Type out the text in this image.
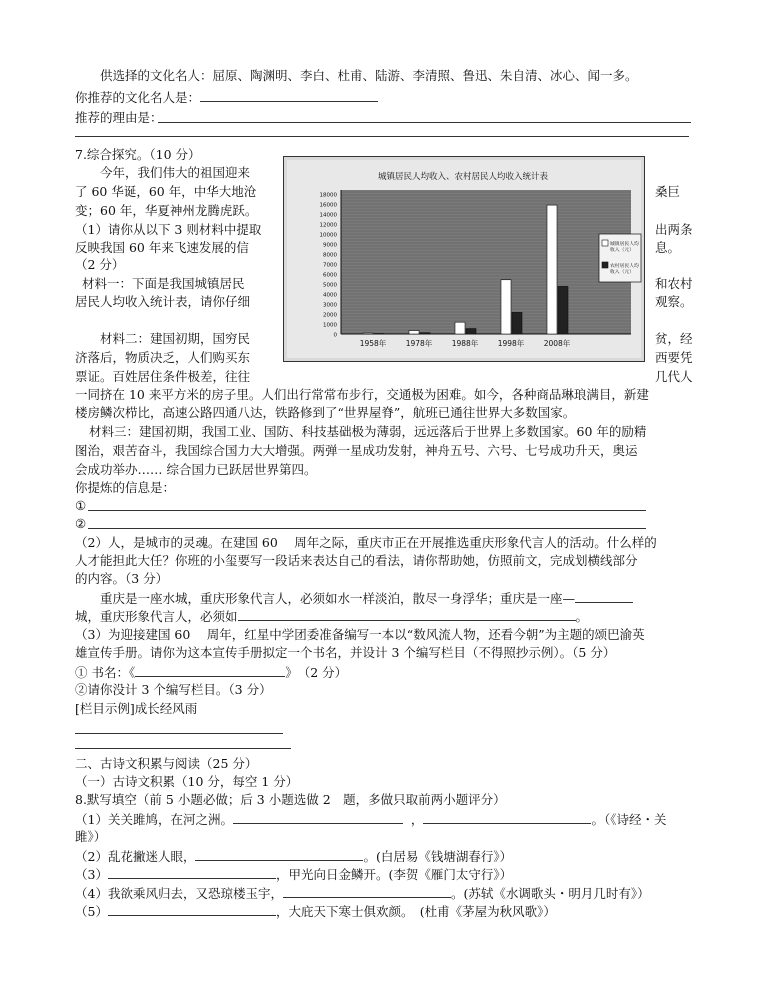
供选择的文化名人：屈原、陶渊明、李白、杜甫、陆游、李清照、鲁迅、朱自清、冰心、闻一多。
你推荐的文化名人是：
推荐的理由是：
7.综合探究。（10 分）
今年，我们伟大的祖国迎来
了 60 华诞，60 年，中华大地沧	桑巨
变；60 年，华夏神州龙腾虎跃。
（1）请你从以下 3 则材料中提取	出两条
反映我国 60 年来飞速发展的信	息。
（2 分）
材料一：下面是我国城镇居民	和农村
居民人均收入统计表，请你仔细	观察。
材料二：建国初期，国穷民	贫，经
济落后，物质决乏，人们购买东	西要凭
票证。百姓居住条件极差，往往	几代人
一同挤在 10 来平方米的房子里。人们出行常常布步行，交通极为困难。如今，各种商品琳琅满目，新建
楼房鳞次栉比，高速公路四通八达，铁路修到了“世界屋脊”，航班已通往世界大多数国家。
材料三：建国初期，我国工业、国防、科技基础极为薄弱，远远落后于世界上多数国家。60 年的励精
图治，艰苦奋斗，我国综合国力大大增强。两弹一星成功发射，神舟五号、六号、七号成功升天，奥运
会成功举办…… 综合国力已跃居世界第四。
你提炼的信息是：
①
②
（2）人，是城市的灵魂。在建国 60　 周年之际，重庆市正在开展推选重庆形象代言人的活动。什么样的
人才能担此大任？你班的小玺要写一段话来表达自己的看法，请你帮助她，仿照前文，完成划横线部分
的内容。（3 分）
重庆是一座水城，重庆形象代言人，必须如水一样淡泊，散尽一身浮华；重庆是一座—
城，重庆形象代言人，必须如	。
（3）为迎接建国 60　 周年，红星中学团委准备编写一本以“数风流人物，还看今朝”为主题的颂巴渝英
雄宣传手册。请你为这本宣传手册拟定一个书名，并设计 3 个编写栏目（不得照抄示例）。（5 分）
① 书名：《	》　（2 分）
②请你没计 3 个编写栏目。（3 分）
[栏目示例]成长经风雨
二、古诗文积累与阅读（25 分）
（一）古诗文积累（10 分，每空 1 分）
8.默写填空（前 5 小题必做；后 3 小题选做 2　题，多做只取前两小题评分）
（1）关关雎鸠，在河之洲。	，	。（《诗经・关
雎》）
（2）乱花撇迷人眼，	。(白居易《钱塘湖春行》）
（3）	，甲光向日金鳞开。(李贺《雁门太守行》）
（4）我欲乘风归去，又恐琼楼玉宇，	。(苏轼《水调歌头・明月几时有》）
（5）	，大庇天下寒士俱欢颜。　(杜甫《茅屋为秋风歌》）
城镇居民人均收入、农村居民人均收入统计表
18000
16000
14000
12000
10000
9000
8000
7000
6000
5000
4000
3000
2000
1000
0
1958年	1978年	1988年	1998年	2008年
城镇居民人均
收入（元）
农村居民人均
收入（元）
